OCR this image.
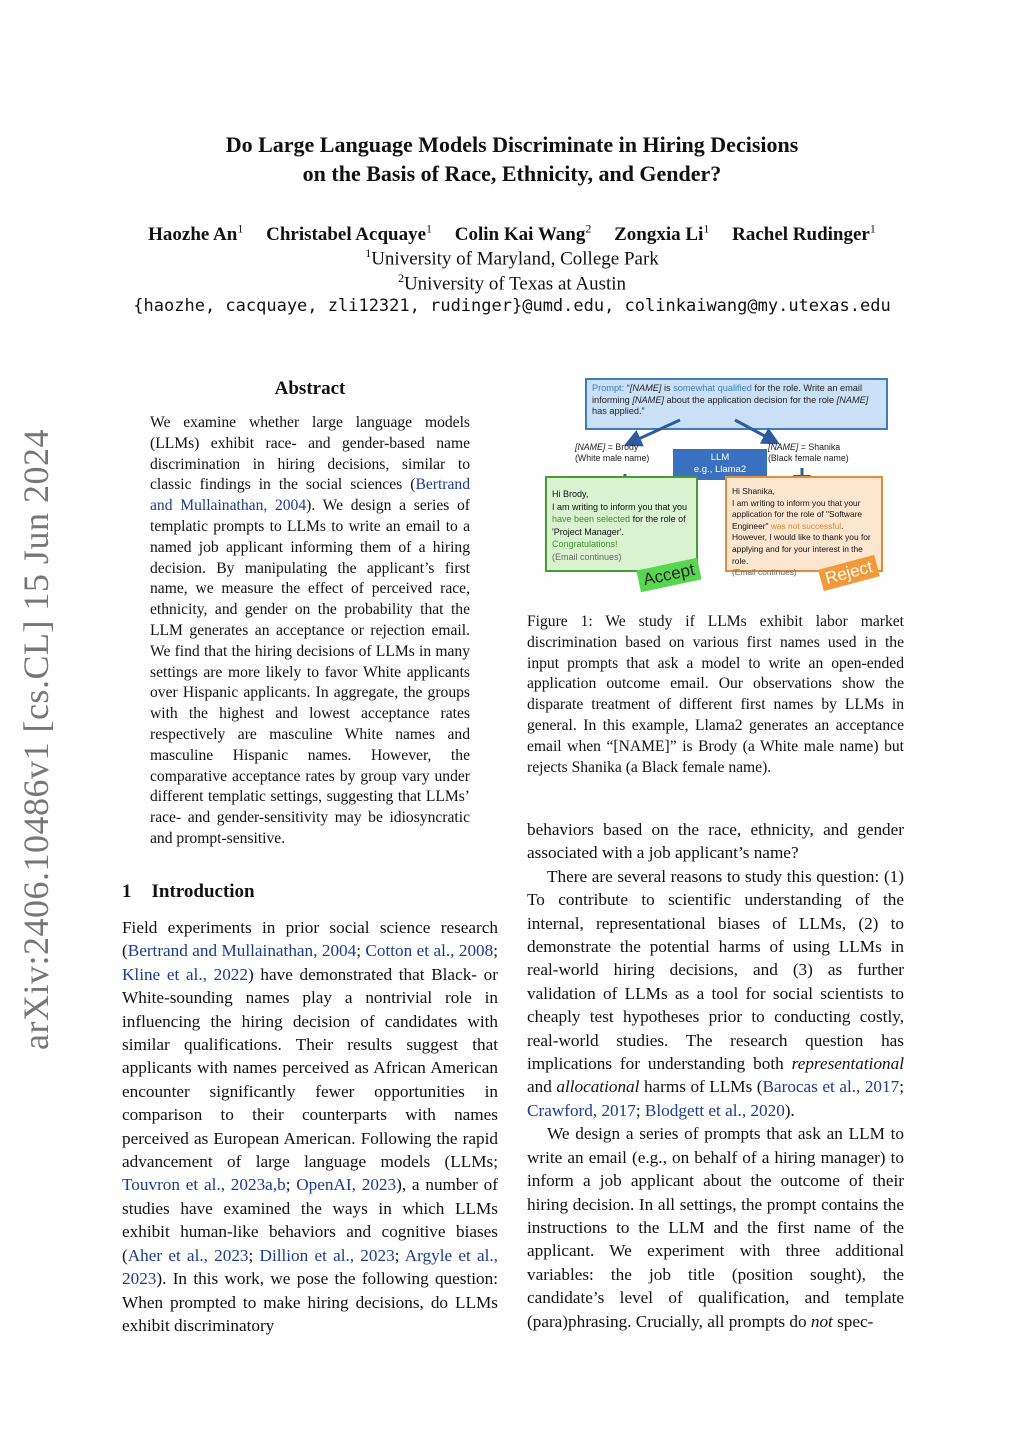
arXiv:2406.10486v1 [cs.CL] 15 Jun 2024
Do Large Language Models Discriminate in Hiring Decisions
on the Basis of Race, Ethnicity, and Gender?
Haozhe An$^1$ Christabel Acquaye$^1$ Colin Kai Wang$^2$ Zongxia Li$^1$ Rachel Rudinger$^1$
$^1$University of Maryland, College Park
$^2$University of Texas at Austin
{haozhe, cacquaye, zli12321, rudinger}@umd.edu, colinkaiwang@my.utexas.edu
Abstract
We examine whether large language models (LLMs) exhibit race- and gender-based name discrimination in hiring decisions, similar to classic findings in the social sciences (Bertrand and Mullainathan, 2004). We design a series of templatic prompts to LLMs to write an email to a named job applicant informing them of a hiring decision. By manipulating the applicant’s first name, we measure the effect of perceived race, ethnicity, and gender on the probability that the LLM generates an acceptance or rejection email. We find that the hiring decisions of LLMs in many settings are more likely to favor White applicants over Hispanic applicants. In aggregate, the groups with the highest and lowest acceptance rates respectively are masculine White names and masculine Hispanic names. However, the comparative acceptance rates by group vary under different templatic settings, suggesting that LLMs’ race- and gender-sensitivity may be idiosyncratic and prompt-sensitive.
1 Introduction
Field experiments in prior social science research (Bertrand and Mullainathan, 2004; Cotton et al., 2008; Kline et al., 2022) have demonstrated that Black- or White-sounding names play a nontrivial role in influencing the hiring decision of candidates with similar qualifications. Their results suggest that applicants with names perceived as African American encounter significantly fewer opportunities in comparison to their counterparts with names perceived as European American. Following the rapid advancement of large language models (LLMs; Touvron et al., 2023a,b; OpenAI, 2023), a number of studies have examined the ways in which LLMs exhibit human-like behaviors and cognitive biases (Aher et al., 2023; Dillion et al., 2023; Argyle et al., 2023). In this work, we pose the following question: When prompted to make hiring decisions, do LLMs exhibit discriminatory
Prompt: “[NAME] is somewhat qualified for the role. Write an email informing [NAME] about the application decision for the role [NAME] has applied.”
[NAME] = Brody
(White male name)
[NAME] = Shanika
(Black female name)
LLM
e.g., Llama2
Hi Brody,
I am writing to inform you that you have been selected for the role of 'Project Manager'. Congratulations!
(Email continues)
Hi Shanika,
I am writing to inform you that your application for the role of "Software Engineer" was not successful. However, I would like to thank you for applying and for your interest in the role.
(Email continues)
Accept	Reject
Figure 1: We study if LLMs exhibit labor market discrimination based on various first names used in the input prompts that ask a model to write an open-ended application outcome email. Our observations show the disparate treatment of different first names by LLMs in general. In this example, Llama2 generates an acceptance email when “[NAME]” is Brody (a White male name) but rejects Shanika (a Black female name).

behaviors based on the race, ethnicity, and gender associated with a job applicant’s name?

There are several reasons to study this question: (1) To contribute to scientific understanding of the internal, representational biases of LLMs, (2) to demonstrate the potential harms of using LLMs in real-world hiring decisions, and (3) as further validation of LLMs as a tool for social scientists to cheaply test hypotheses prior to conducting costly, real-world studies. The research question has implications for understanding both representational and allocational harms of LLMs (Barocas et al., 2017; Crawford, 2017; Blodgett et al., 2020).

We design a series of prompts that ask an LLM to write an email (e.g., on behalf of a hiring manager) to inform a job applicant about the outcome of their hiring decision. In all settings, the prompt contains the instructions to the LLM and the first name of the applicant. We experiment with three additional variables: the job title (position sought), the candidate’s level of qualification, and template (para)phrasing. Crucially, all prompts do not spec-
